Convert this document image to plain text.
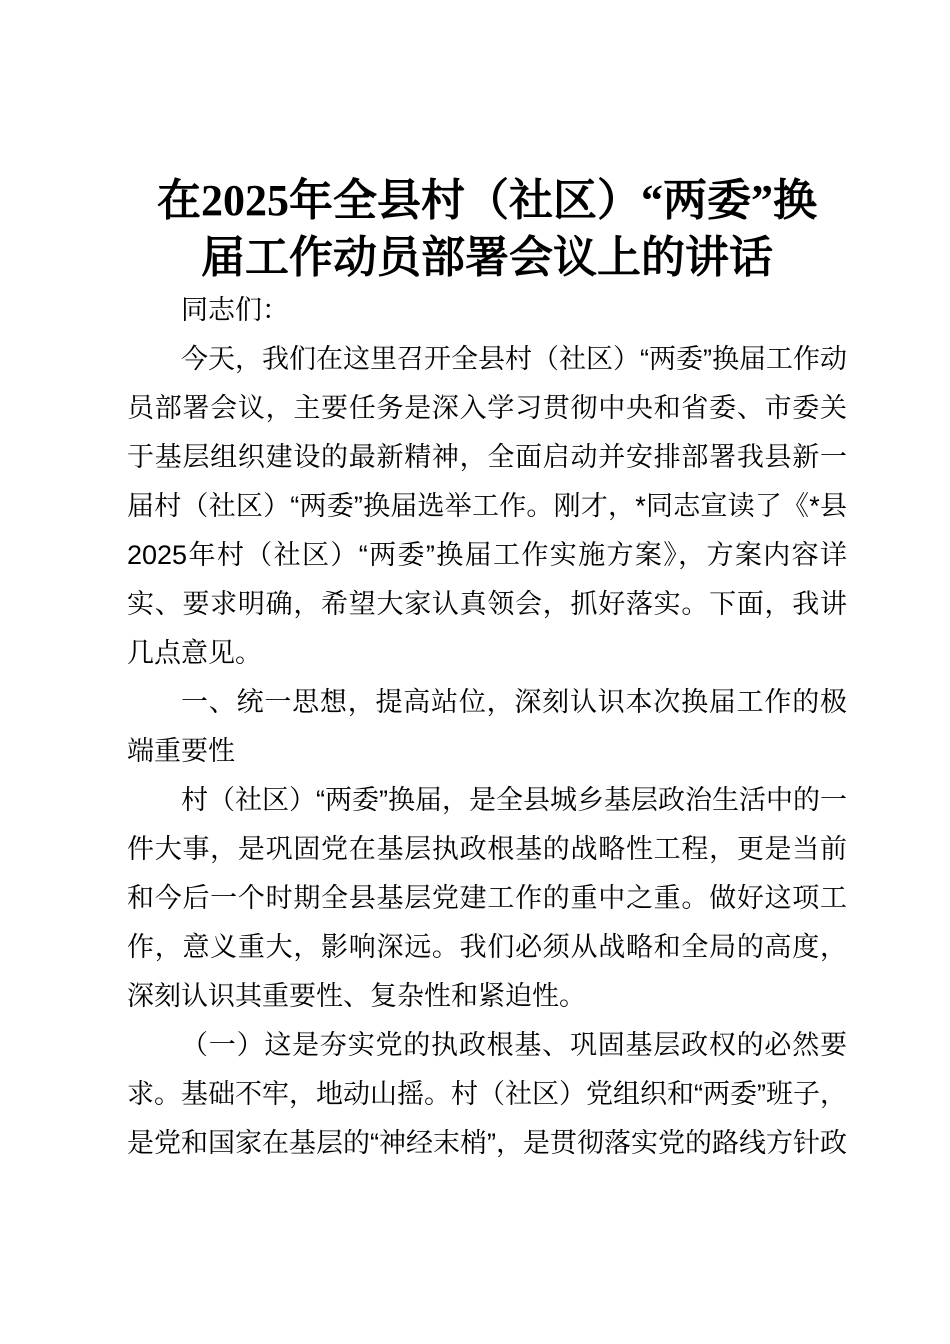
在2025年全县村（社区）“两委”换
届工作动员部署会议上的讲话

同志们：

今天，我们在这里召开全县村（社区）“两委”换届工作动员部署会议，主要任务是深入学习贯彻中央和省委、市委关于基层组织建设的最新精神，全面启动并安排部署我县新一届村（社区）“两委”换届选举工作。刚才，*同志宣读了《*县2025年村（社区）“两委”换届工作实施方案》，方案内容详实、要求明确，希望大家认真领会，抓好落实。下面，我讲几点意见。

一、统一思想，提高站位，深刻认识本次换届工作的极端重要性

村（社区）“两委”换届，是全县城乡基层政治生活中的一件大事，是巩固党在基层执政根基的战略性工程，更是当前和今后一个时期全县基层党建工作的重中之重。做好这项工作，意义重大，影响深远。我们必须从战略和全局的高度，深刻认识其重要性、复杂性和紧迫性。

（一）这是夯实党的执政根基、巩固基层政权的必然要求。基础不牢，地动山摇。村（社区）党组织和“两委”班子，是党和国家在基层的“神经末梢”，是贯彻落实党的路线方针政
